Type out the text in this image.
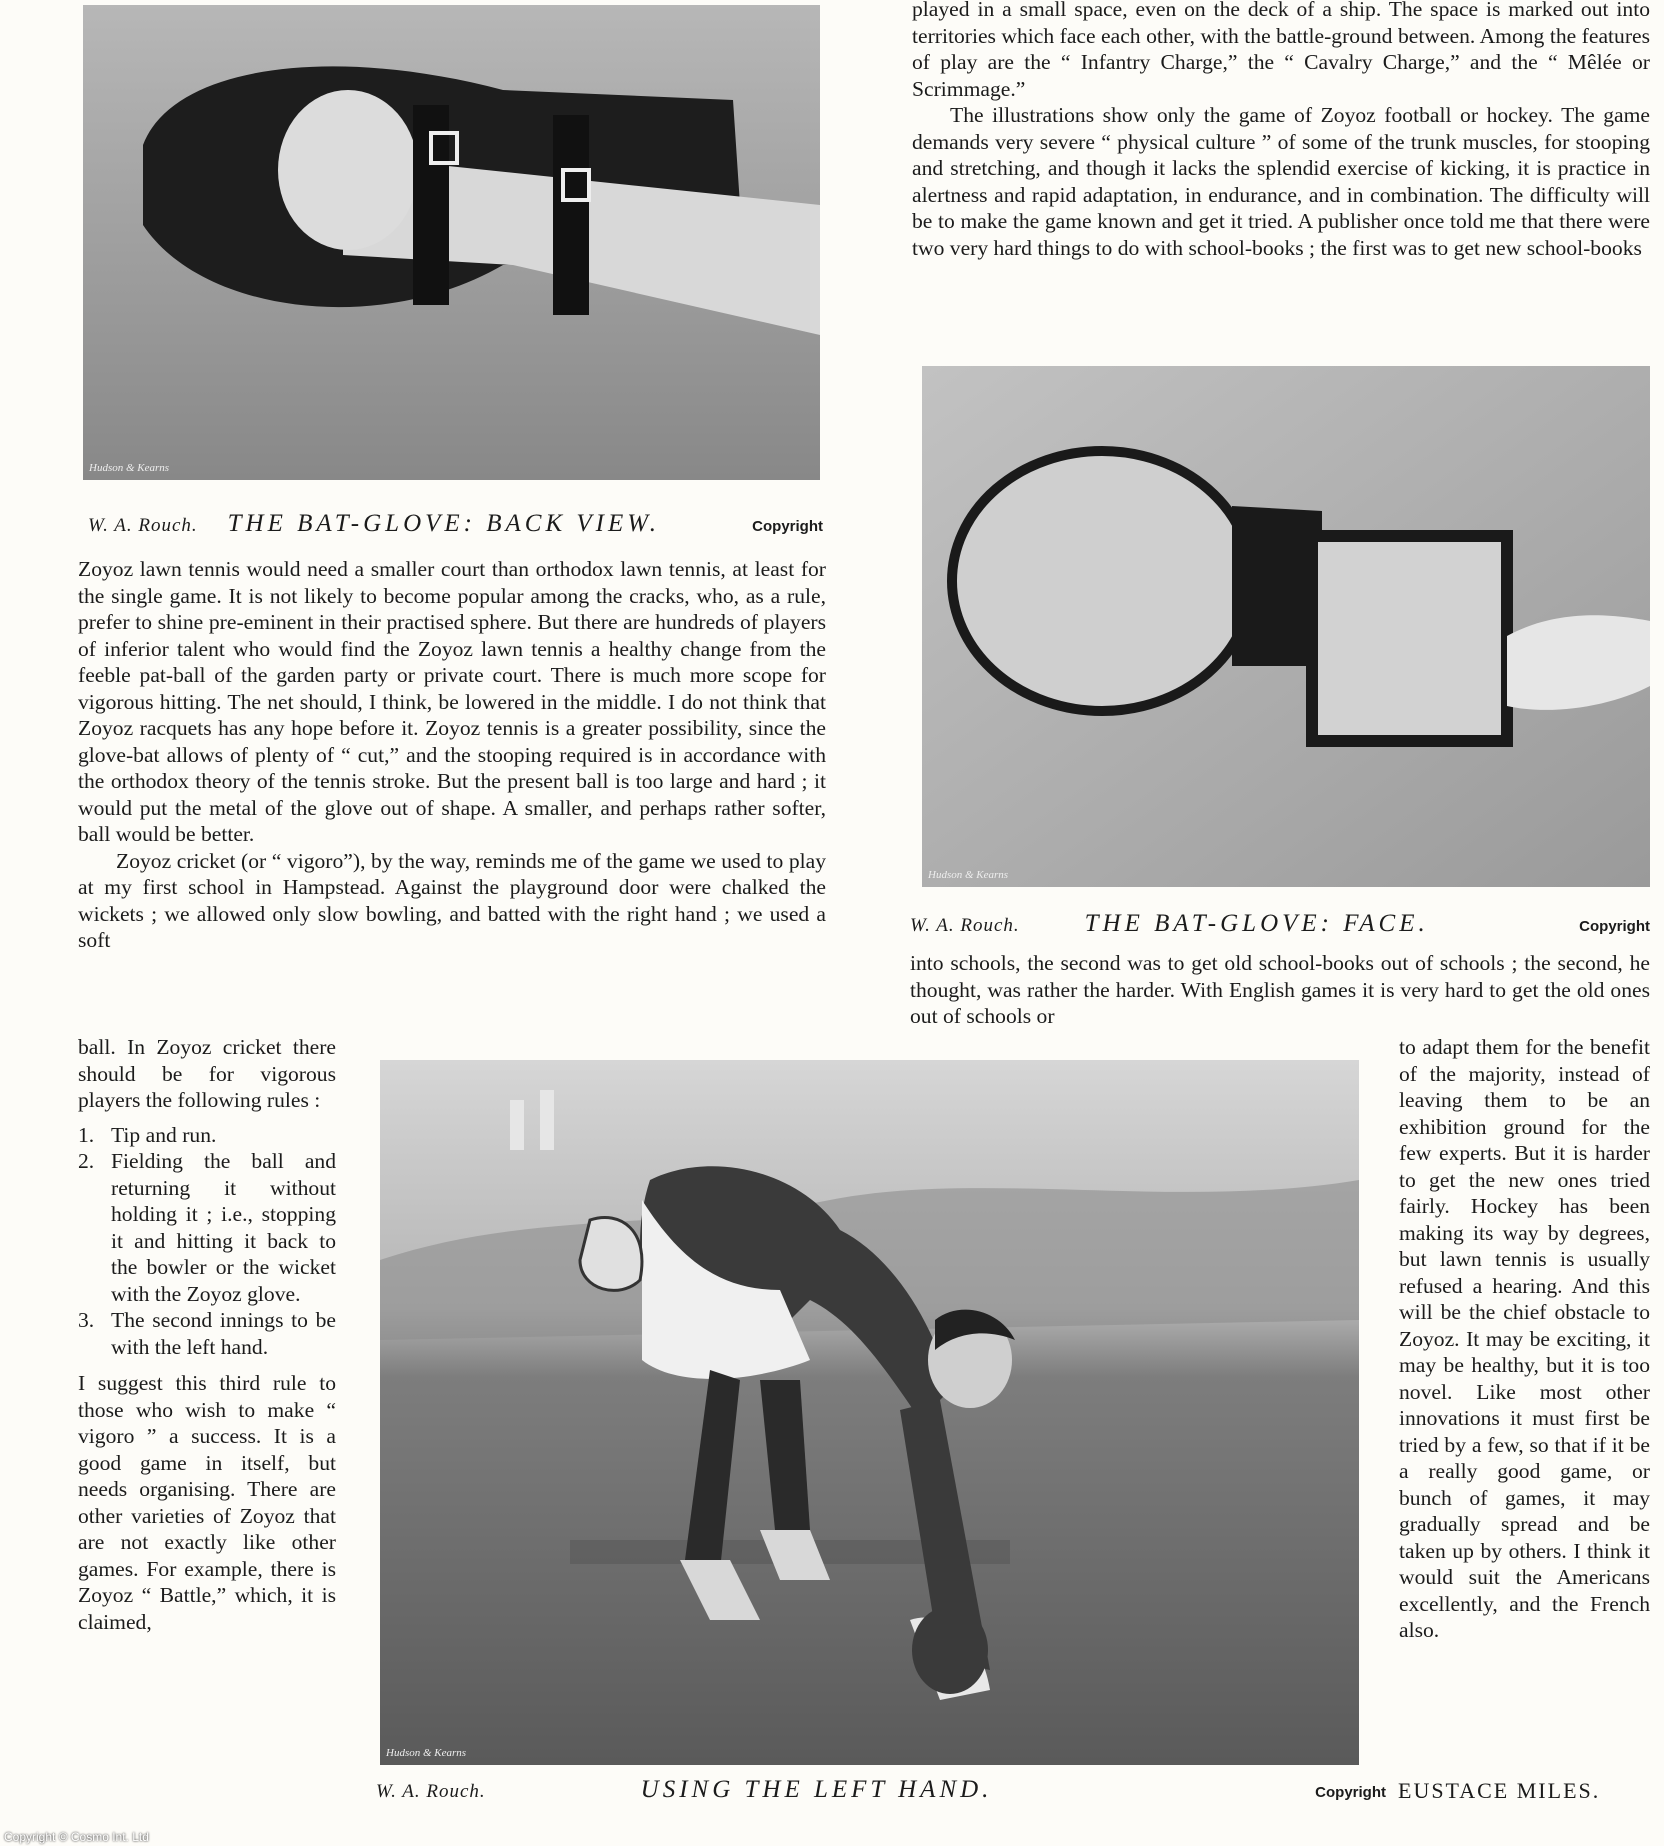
Hudson & Kearns
W. A. Rouch. THE BAT-GLOVE: BACK VIEW.	Copyright

played in a small space, even on the deck of a ship. The space is marked out into territories which face each other, with the battle-ground between. Among the features of play are the “ Infantry Charge,” the “ Cavalry Charge,” and the “ Mêlée or Scrimmage.”

The illustrations show only the game of Zoyoz football or hockey. The game demands very severe “ physical culture ” of some of the trunk muscles, for stooping and stretching, and though it lacks the splendid exercise of kicking, it is practice in alertness and rapid adaptation, in endurance, and in combination. The difficulty will be to make the game known and get it tried. A publisher once told me that there were two very hard things to do with school-books ; the first was to get new school-books

Hudson & Kearns
W. A. Rouch.	THE BAT-GLOVE: FACE.	Copyright

Zoyoz lawn tennis would need a smaller court than orthodox lawn tennis, at least for the single game. It is not likely to become popular among the cracks, who, as a rule, prefer to shine pre-eminent in their practised sphere. But there are hundreds of players of inferior talent who would find the Zoyoz lawn tennis a healthy change from the feeble pat-ball of the garden party or private court. There is much more scope for vigorous hitting. The net should, I think, be lowered in the middle. I do not think that Zoyoz racquets has any hope before it. Zoyoz tennis is a greater possibility, since the glove-bat allows of plenty of “ cut,” and the stooping required is in accordance with the orthodox theory of the tennis stroke. But the present ball is too large and hard ; it would put the metal of the glove out of shape. A smaller, and perhaps rather softer, ball would be better.

Zoyoz cricket (or “ vigoro”), by the way, reminds me of the game we used to play at my first school in Hampstead. Against the playground door were chalked the wickets ; we allowed only slow bowling, and batted with the right hand ; we used a soft

ball. In Zoyoz cricket there should be for vigorous players the following rules :

1. Tip and run.
2. Fielding the ball and returning it without holding it ; i.e., stopping it and hitting it back to the bowler or the wicket with the Zoyoz glove.
3. The second innings to be with the left hand.

I suggest this third rule to those who wish to make “ vigoro ” a success. It is a good game in itself, but needs organising. There are other varieties of Zoyoz that are not exactly like other games. For example, there is Zoyoz “ Battle,” which, it is claimed,

into schools, the second was to get old school-books out of schools ; the second, he thought, was rather the harder. With English games it is very hard to get the old ones out of schools or

Hudson & Kearns

to adapt them for the benefit of the majority, instead of leaving them to be an exhibition ground for the few experts. But it is harder to get the new ones tried fairly. Hockey has been making its way by degrees, but lawn tennis is usually refused a hearing. And this will be the chief obstacle to Zoyoz. It may be exciting, it may be healthy, but it is too novel. Like most other innovations it must first be tried by a few, so that if it be a really good game, or bunch of games, it may gradually spread and be taken up by others. I think it would suit the Americans excellently, and the French also.

W. A. Rouch.	USING THE LEFT HAND.	Copyright EUSTACE MILES.
Copyright © Cosmo Int. Ltd
